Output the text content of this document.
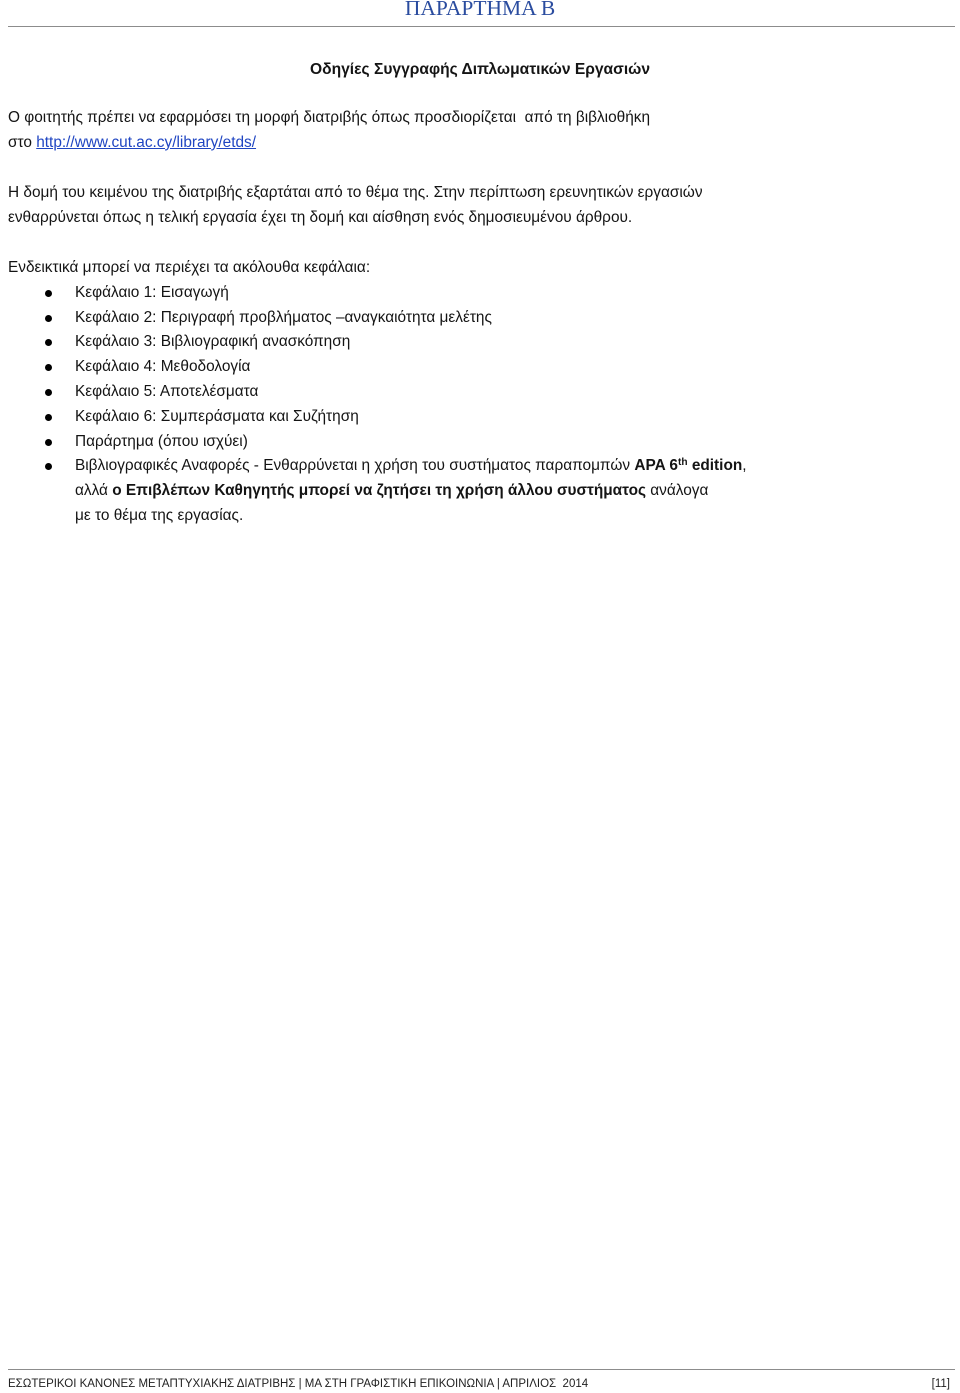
ΠΑΡΑΡΤΗΜΑ Β
Οδηγίες Συγγραφής Διπλωματικών Εργασιών
Ο φοιτητής πρέπει να εφαρμόσει τη μορφή διατριβής όπως προσδιορίζεται  από τη βιβλιοθήκη
στο http://www.cut.ac.cy/library/etds/
Η δομή του κειμένου της διατριβής εξαρτάται από το θέμα της. Στην περίπτωση ερευνητικών εργασιών
ενθαρρύνεται όπως η τελική εργασία έχει τη δομή και αίσθηση ενός δημοσιευμένου άρθρου.
Ενδεικτικά μπορεί να περιέχει τα ακόλουθα κεφάλαια:
Κεφάλαιο 1: Εισαγωγή
Κεφάλαιο 2: Περιγραφή προβλήματος –αναγκαιότητα μελέτης
Κεφάλαιο 3: Βιβλιογραφική ανασκόπηση
Κεφάλαιο 4: Μεθοδολογία
Κεφάλαιο 5: Αποτελέσματα
Κεφάλαιο 6: Συμπεράσματα και Συζήτηση
Παράρτημα (όπου ισχύει)
Βιβλιογραφικές Αναφορές - Ενθαρρύνεται η χρήση του συστήματος παραπομπών APA 6th edition,
αλλά ο Επιβλέπων Καθηγητής μπορεί να ζητήσει τη χρήση άλλου συστήματος ανάλογα
με το θέμα της εργασίας.
ΕΣΩΤΕΡΙΚΟΙ ΚΑΝΟΝΕΣ ΜΕΤΑΠΤΥΧΙΑΚΗΣ ΔΙΑΤΡΙΒΗΣ | ΜΑ ΣΤΗ ΓΡΑΦΙΣΤΙΚΗ ΕΠΙΚΟΙΝΩΝΙΑ | ΑΠΡΙΛΙΟΣ  2014	[11]
